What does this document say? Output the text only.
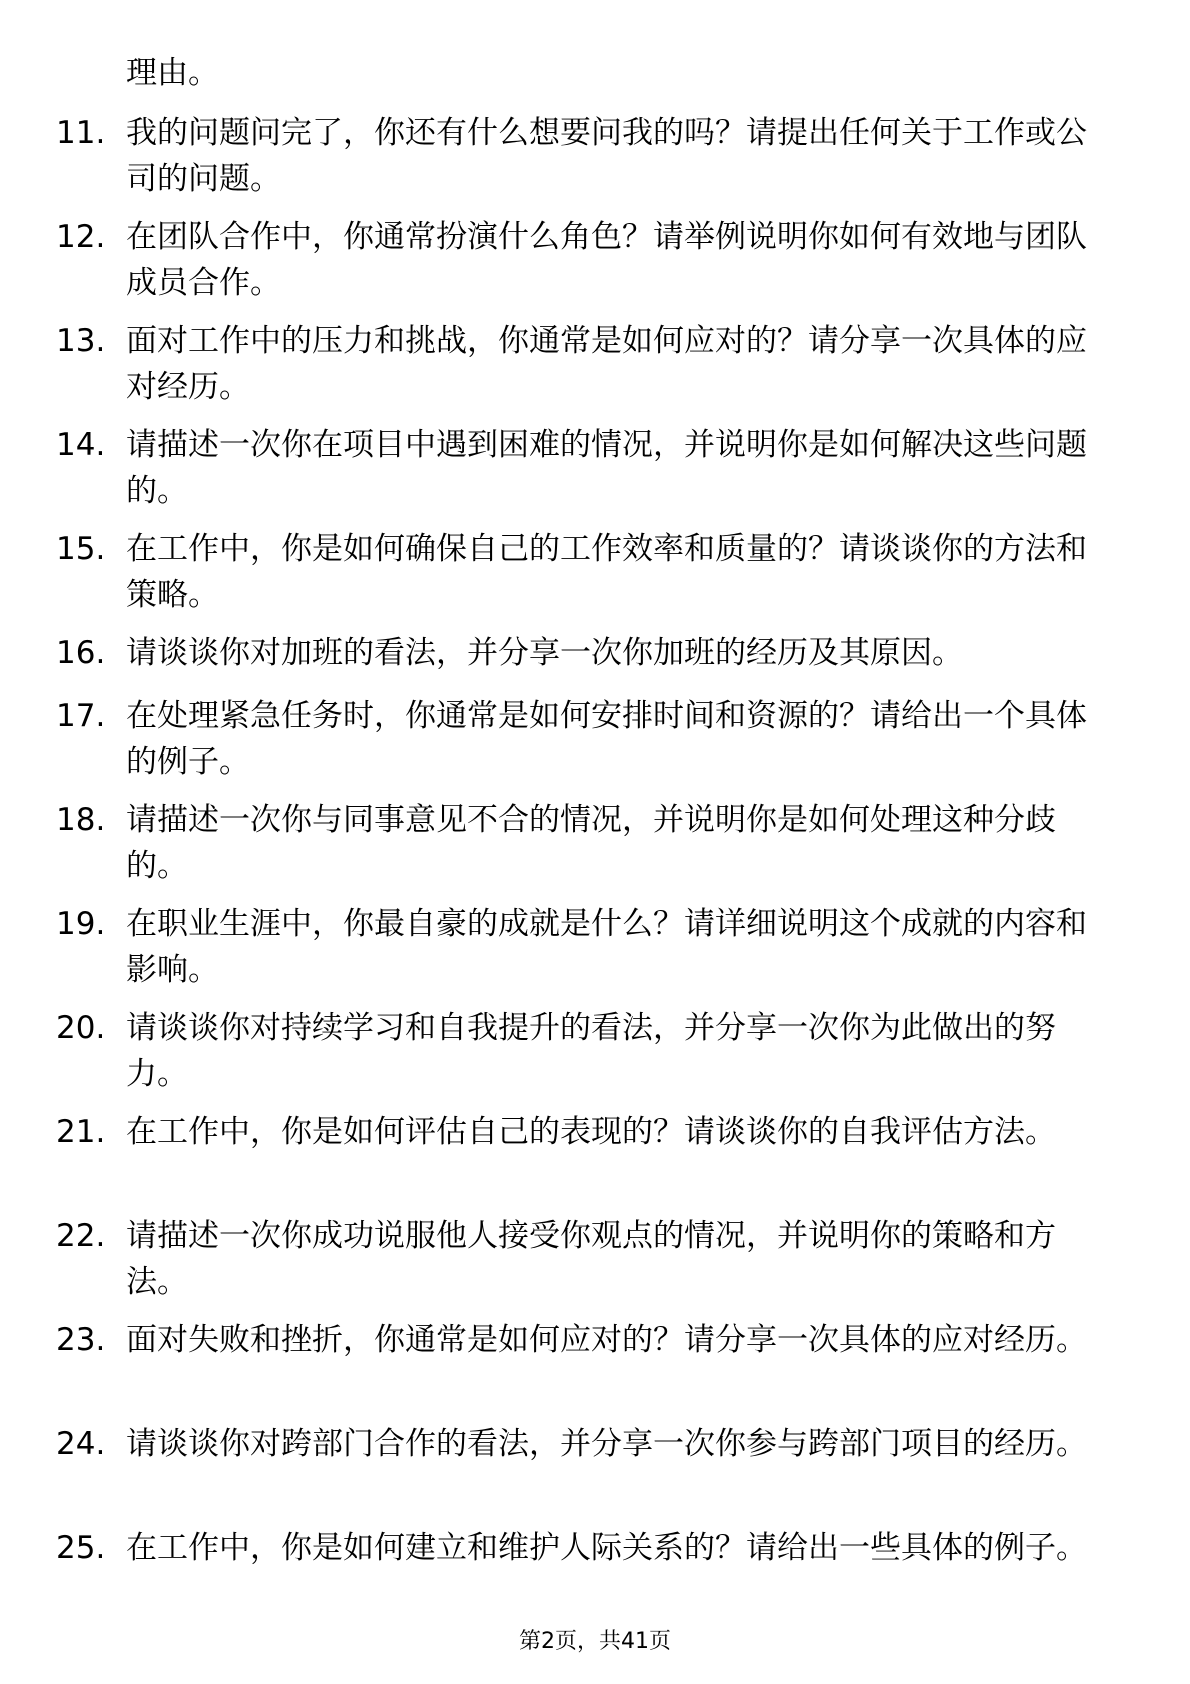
理由。
11. 我的问题问完了，你还有什么想要问我的吗？请提出任何关于工作或公司的问题。
12. 在团队合作中，你通常扮演什么角色？请举例说明你如何有效地与团队成员合作。
13. 面对工作中的压力和挑战，你通常是如何应对的？请分享一次具体的应对经历。
14. 请描述一次你在项目中遇到困难的情况，并说明你是如何解决这些问题的。
15. 在工作中，你是如何确保自己的工作效率和质量的？请谈谈你的方法和策略。
16. 请谈谈你对加班的看法，并分享一次你加班的经历及其原因。
17. 在处理紧急任务时，你通常是如何安排时间和资源的？请给出一个具体的例子。
18. 请描述一次你与同事意见不合的情况，并说明你是如何处理这种分歧的。
19. 在职业生涯中，你最自豪的成就是什么？请详细说明这个成就的内容和影响。
20. 请谈谈你对持续学习和自我提升的看法，并分享一次你为此做出的努力。
21. 在工作中，你是如何评估自己的表现的？请谈谈你的自我评估方法。
22. 请描述一次你成功说服他人接受你观点的情况，并说明你的策略和方法。
23. 面对失败和挫折，你通常是如何应对的？请分享一次具体的应对经历。
24. 请谈谈你对跨部门合作的看法，并分享一次你参与跨部门项目的经历。
25. 在工作中，你是如何建立和维护人际关系的？请给出一些具体的例子。
第2页，共41页
